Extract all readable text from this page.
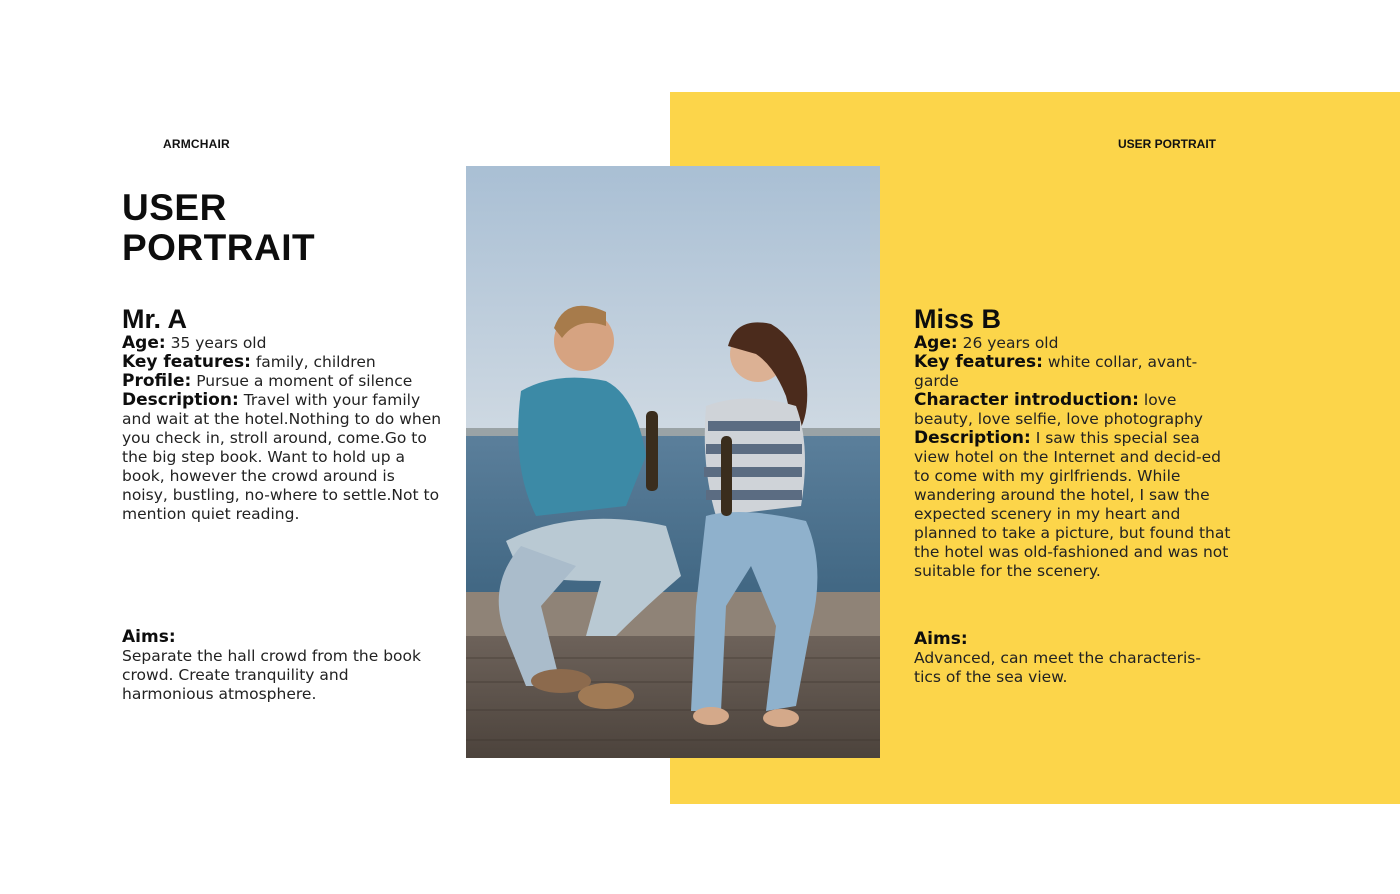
ARMCHAIR	USER PORTRAIT
USER
PORTRAIT
Mr. A

Age: 35 years old

Key features: family, children

Profile: Pursue a moment of silence

Description: Travel with your family and wait at the hotel.Nothing to do when you check in, stroll around, come.Go to the big step book. Want to hold up a book, however the crowd around is noisy, bustling, no-where to settle.Not to mention quiet reading.

Aims:

Separate the hall crowd from the book crowd. Create tranquility and harmonious atmosphere.

Miss B

Age: 26 years old

Key features: white collar, avant-garde

Character introduction: love beauty, love selfie, love photography

Description: I saw this special sea view hotel on the Internet and decid-ed to come with my girlfriends. While wandering around the hotel, I saw the expected scenery in my heart and planned to take a picture, but found that the hotel was old-fashioned and was not suitable for the scenery.

Aims:

Advanced, can meet the characteris-tics of the sea view.
